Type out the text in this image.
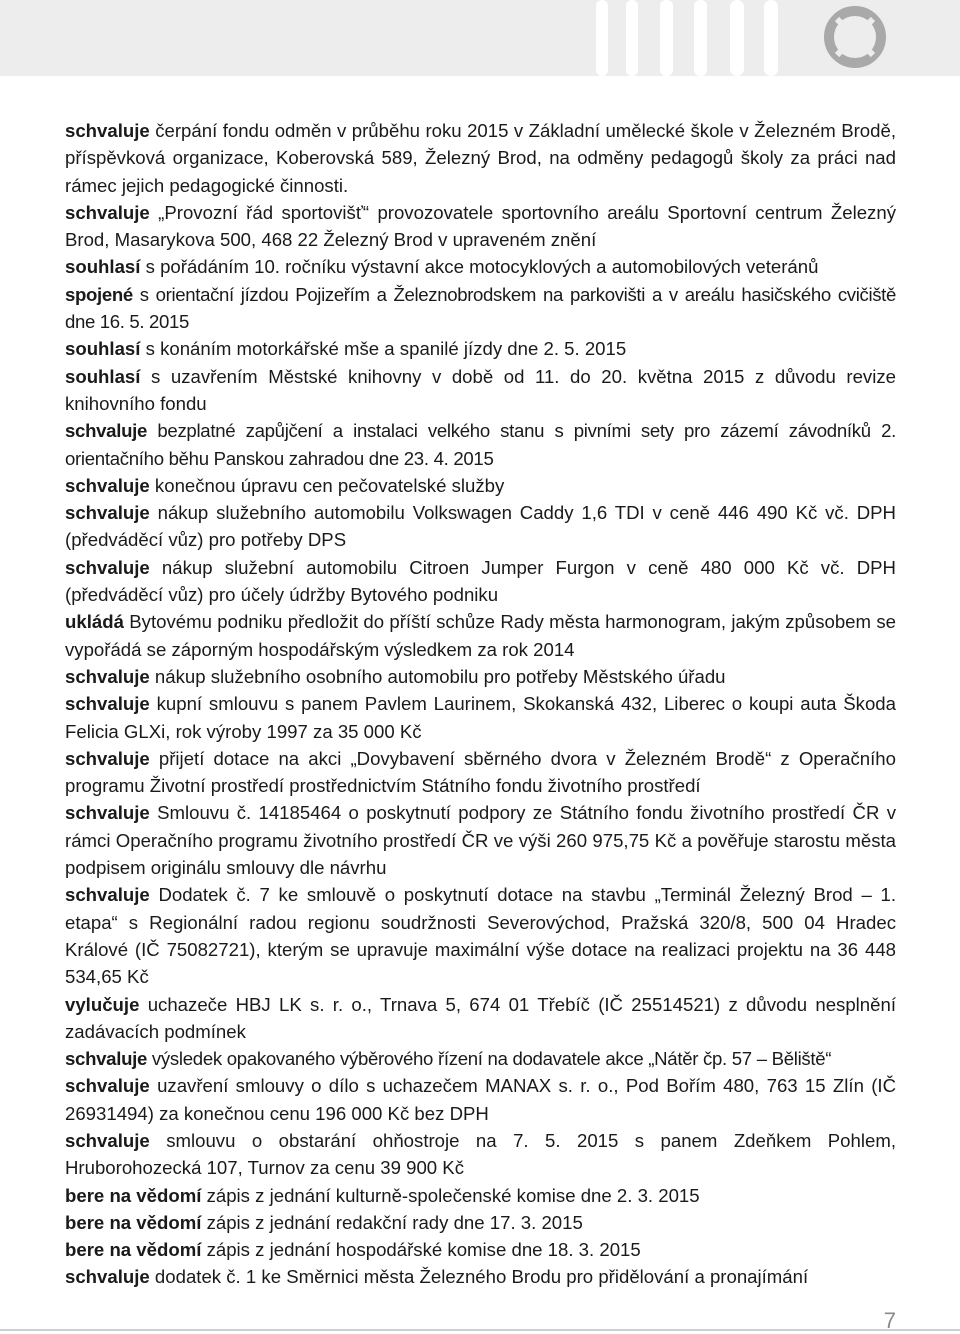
schvaluje čerpání fondu odměn v průběhu roku 2015 v Základní umělecké škole v Železném Brodě, příspěvková organizace, Koberovská 589, Železný Brod, na odměny pedagogů školy za práci nad rámec jejich pedagogické činnosti.

schvaluje „Provozní řád sportovišť“ provozovatele sportovního areálu Sportovní centrum Železný Brod, Masarykova 500, 468 22 Železný Brod v upraveném znění

souhlasí s pořádáním 10. ročníku výstavní akce motocyklových a automobilových veteránů

spojené s orientační jízdou Pojizeřím a Železnobrodskem na parkovišti a v areálu hasičského cvičiště dne 16. 5. 2015

souhlasí s konáním motorkářské mše a spanilé jízdy dne 2. 5. 2015

souhlasí s uzavřením Městské knihovny v době od 11. do 20. května 2015 z důvodu revize knihovního fondu

schvaluje bezplatné zapůjčení a instalaci velkého stanu s pivními sety pro zázemí závodníků 2. orientačního běhu Panskou zahradou dne 23. 4. 2015

schvaluje konečnou úpravu cen pečovatelské služby

schvaluje nákup služebního automobilu Volkswagen Caddy 1,6 TDI v ceně 446 490 Kč vč. DPH (předváděcí vůz) pro potřeby DPS

schvaluje nákup služební automobilu Citroen Jumper Furgon v ceně 480 000 Kč vč. DPH (předváděcí vůz) pro účely údržby Bytového podniku

ukládá Bytovému podniku předložit do příští schůze Rady města harmonogram, jakým způsobem se vypořádá se záporným hospodářským výsledkem za rok 2014

schvaluje nákup služebního osobního automobilu pro potřeby Městského úřadu

schvaluje kupní smlouvu s panem Pavlem Laurinem, Skokanská 432, Liberec o koupi auta Škoda Felicia GLXi, rok výroby 1997 za 35 000 Kč

schvaluje přijetí dotace na akci „Dovybavení sběrného dvora v Železném Brodě“ z Operačního programu Životní prostředí prostřednictvím Státního fondu životního prostředí

schvaluje Smlouvu č. 14185464 o poskytnutí podpory ze Státního fondu životního prostředí ČR v rámci Operačního programu životního prostředí ČR ve výši 260 975,75 Kč a pověřuje starostu města podpisem originálu smlouvy dle návrhu

schvaluje Dodatek č. 7 ke smlouvě o poskytnutí dotace na stavbu „Terminál Železný Brod – 1. etapa“ s Regionální radou regionu soudržnosti Severovýchod, Pražská 320/8, 500 04 Hradec Králové (IČ 75082721), kterým se upravuje maximální výše dotace na realizaci projektu na 36 448 534,65 Kč

vylučuje uchazeče HBJ LK s. r. o., Trnava 5, 674 01 Třebíč (IČ 25514521) z důvodu nesplnění zadávacích podmínek

schvaluje výsledek opakovaného výběrového řízení na dodavatele akce „Nátěr čp. 57 – Běliště“

schvaluje uzavření smlouvy o dílo s uchazečem MANAX s. r. o., Pod Bořím 480, 763 15 Zlín (IČ 26931494) za konečnou cenu 196 000 Kč bez DPH

schvaluje smlouvu o obstarání ohňostroje na 7. 5. 2015 s panem Zdeňkem Pohlem, Hruborohozecká 107, Turnov za cenu 39 900 Kč

bere na vědomí zápis z jednání kulturně-společenské komise dne 2. 3. 2015

bere na vědomí zápis z jednání redakční rady dne 17. 3. 2015

bere na vědomí zápis z jednání hospodářské komise dne 18. 3. 2015

schvaluje dodatek č. 1 ke Směrnici města Železného Brodu pro přidělování a pronajímání

7
